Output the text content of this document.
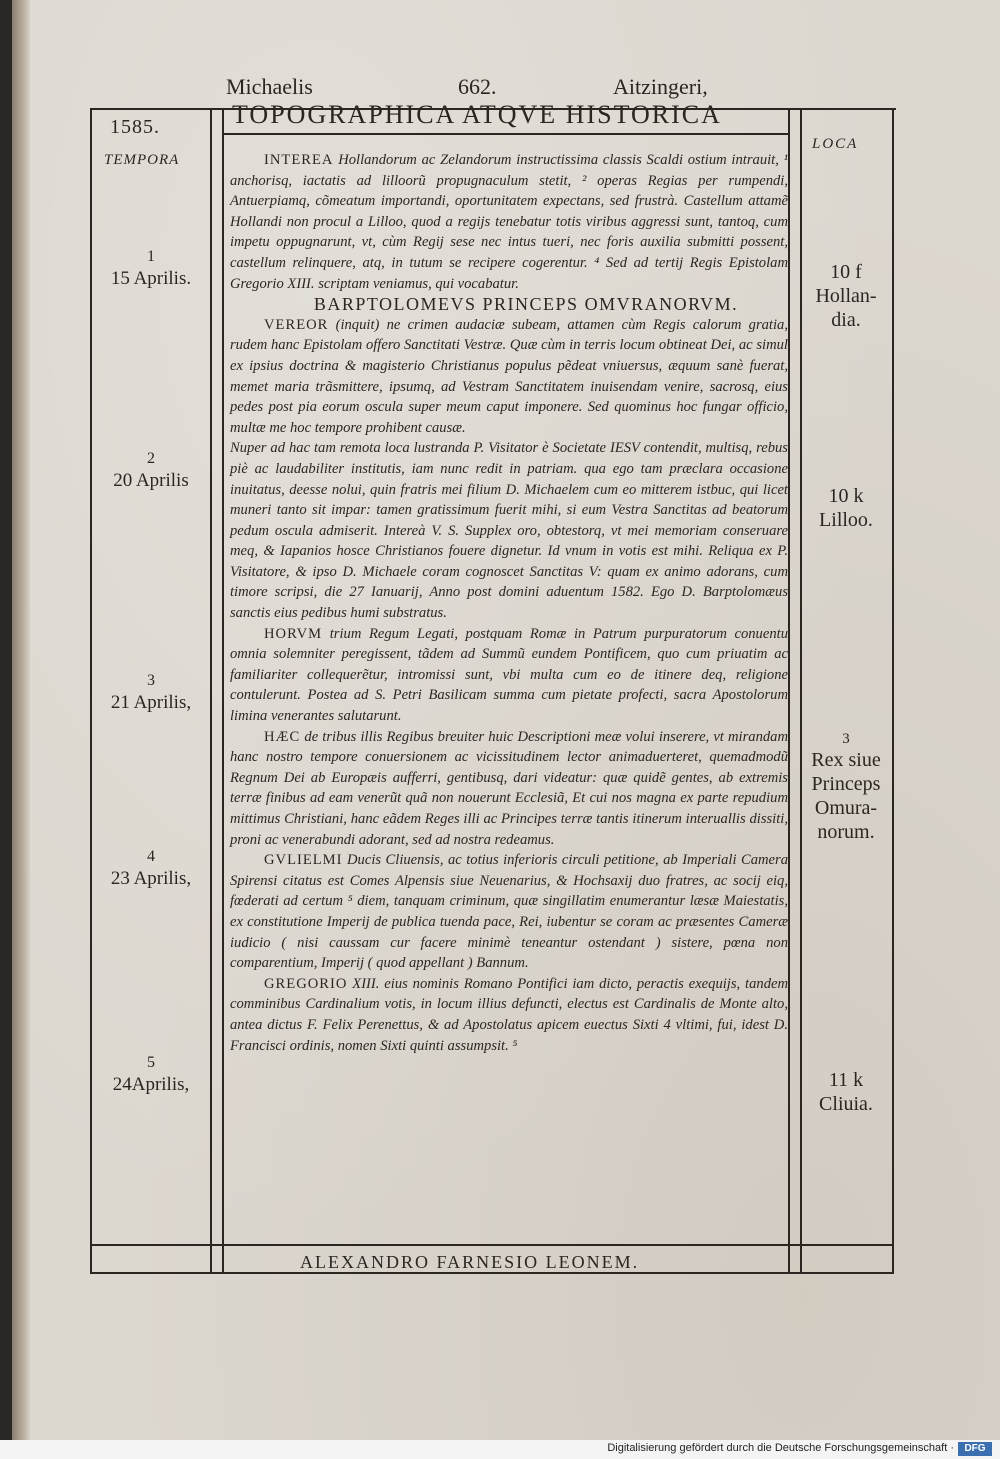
Michaelis	662.	Aitzingeri,
1585.	TOPOGRAPHICA ATQVE HISTORICA
TEMPORA
LOCA
1
15 Aprilis.
2
20 Aprilis
3
21 Aprilis,
4
23 Aprilis,
5
24Aprilis,
10 f
Hollan-
dia.
10 k
Lilloo.
3
Rex siue
Princeps
Omura-
norum.
11 k
Cliuia.

INTEREA Hollandorum ac Zelandorum instructissima classis Scaldi ostium intrauit, ¹ anchorisq, iactatis ad lilloorũ propugnaculum stetit, ² operas Regias per rumpendi, Antuerpiamq, cõmeatum importandi, oportunitatem expectans, sed frustrà. Castellum attamẽ Hollandi non procul a Lilloo, quod a regijs tenebatur totis viribus aggressi sunt, tantoq, cum impetu oppugnarunt, vt, cùm Regij sese nec intus tueri, nec foris auxilia submitti possent, castellum relinquere, atq, in tutum se recipere cogerentur. ⁴ Sed ad tertij Regis Epistolam Gregorio XIII. scriptam veniamus, qui vocabatur.

BARPTOLOMEVS PRINCEPS OMVRANORVM.

VEREOR (inquit) ne crimen audaciæ subeam, attamen cùm Regis calorum gratia, rudem hanc Epistolam offero Sanctitati Vestræ. Quæ cùm in terris locum obtineat Dei, ac simul ex ipsius doctrina & magisterio Christianus populus pẽdeat vniuersus, æquum sanè fuerat, memet maria trãsmittere, ipsumq, ad Vestram Sanctitatem inuisendam venire, sacrosq, eius pedes post pia eorum oscula super meum caput imponere. Sed quominus hoc fungar officio, multæ me hoc tempore prohibent causæ.

Nuper ad hac tam remota loca lustranda P. Visitator è Societate IESV contendit, multisq, rebus piè ac laudabiliter institutis, iam nunc redit in patriam. qua ego tam præclara occasione inuitatus, deesse nolui, quin fratris mei filium D. Michaelem cum eo mitterem istbuc, qui licet muneri tanto sit impar: tamen gratissimum fuerit mihi, si eum Vestra Sanctitas ad beatorum pedum oscula admiserit. Intereà V. S. Supplex oro, obtestorq, vt mei memoriam conseruare meq, & Iapanios hosce Christianos fouere dignetur. Id vnum in votis est mihi. Reliqua ex P. Visitatore, & ipso D. Michaele coram cognoscet Sanctitas V: quam ex animo adorans, cum timore scripsi, die 27 Ianuarij, Anno post domini aduentum 1582. Ego D. Barptolomæus sanctis eius pedibus humi substratus.

HORVM trium Regum Legati, postquam Romæ in Patrum purpuratorum conuentu omnia solemniter peregissent, tãdem ad Summũ eundem Pontificem, quo cum priuatim ac familiariter collequerẽtur, intromissi sunt, vbi multa cum eo de itinere deq, religione contulerunt. Postea ad S. Petri Basilicam summa cum pietate profecti, sacra Apostolorum limina venerantes salutarunt.

HÆC de tribus illis Regibus breuiter huic Descriptioni meæ volui inserere, vt mirandam hanc nostro tempore conuersionem ac vicissitudinem lector animaduerteret, quemadmodũ Regnum Dei ab Europæis aufferri, gentibusq, dari videatur: quæ quidẽ gentes, ab extremis terræ finibus ad eam venerũt quã non nouerunt Ecclesiã, Et cui nos magna ex parte repudium mittimus Christiani, hanc eãdem Reges illi ac Principes terræ tantis itinerum interuallis dissiti, proni ac venerabundi adorant, sed ad nostra redeamus.

GVLIELMI Ducis Cliuensis, ac totius inferioris circuli petitione, ab Imperiali Camera Spirensi citatus est Comes Alpensis siue Neuenarius, & Hochsaxij duo fratres, ac socij eiq, fœderati ad certum ⁵ diem, tanquam criminum, quæ singillatim enumerantur læsæ Maiestatis, ex constitutione Imperij de publica tuenda pace, Rei, iubentur se coram ac præsentes Cameræ iudicio ( nisi caussam cur facere minimè teneantur ostendant ) sistere, pœna non comparentium, Imperij ( quod appellant ) Bannum.

GREGORIO XIII. eius nominis Romano Pontifici iam dicto, peractis exequijs, tandem comminibus Cardinalium votis, in locum illius defuncti, electus est Cardinalis de Monte alto, antea dictus F. Felix Perenettus, & ad Apostolatus apicem euectus Sixti 4 vltimi, fui, idest D. Francisci ordinis, nomen Sixti quinti assumpsit. ⁵

ALEXANDRO FARNESIO LEONEM.
Digitalisierung gefördert durch die Deutsche Forschungsgemeinschaft ·	DFG
